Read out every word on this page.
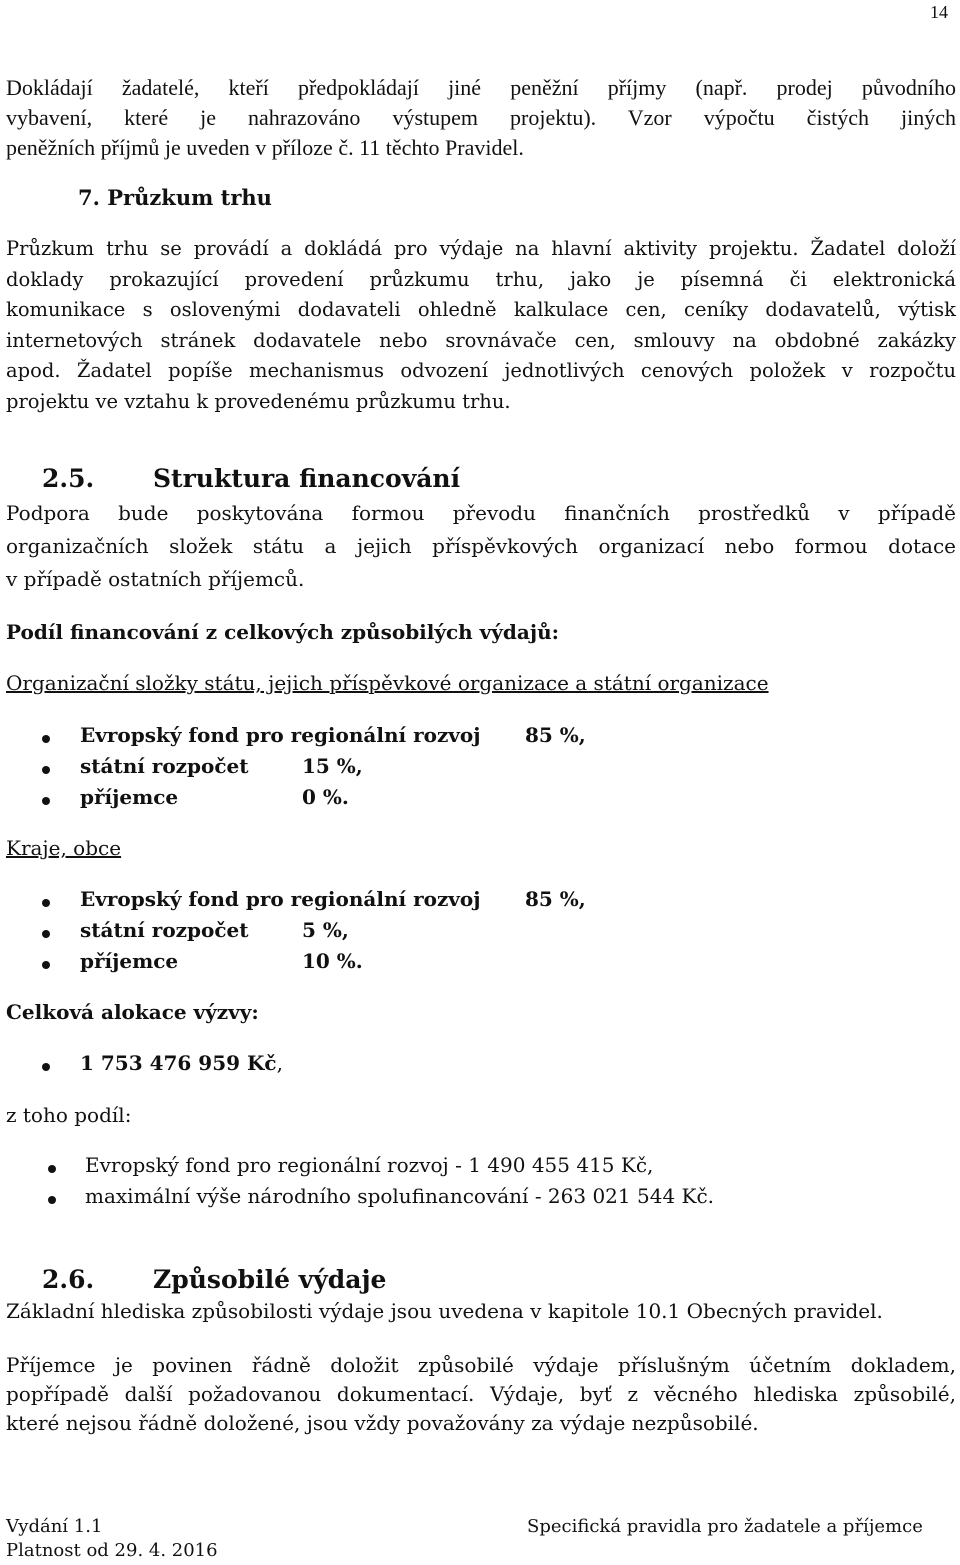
14
Dokládají žadatelé, kteří předpokládají jiné peněžní příjmy (např. prodej původního
vybavení, které je nahrazováno výstupem projektu). Vzor výpočtu čistých jiných
peněžních příjmů je uveden v příloze č. 11 těchto Pravidel.
7. Průzkum trhu
Průzkum trhu se provádí a dokládá pro výdaje na hlavní aktivity projektu. Žadatel doloží
doklady prokazující provedení průzkumu trhu, jako je písemná či elektronická
komunikace s oslovenými dodavateli ohledně kalkulace cen, ceníky dodavatelů, výtisk
internetových stránek dodavatele nebo srovnávače cen, smlouvy na obdobné zakázky
apod. Žadatel popíše mechanismus odvození jednotlivých cenových položek v rozpočtu
projektu ve vztahu k provedenému průzkumu trhu.
2.5. Struktura financování
Podpora bude poskytována formou převodu finančních prostředků v případě
organizačních složek státu a jejich příspěvkových organizací nebo formou dotace
v případě ostatních příjemců.
Podíl financování z celkových způsobilých výdajů:
Organizační složky státu, jejich příspěvkové organizace a státní organizace
Evropský fond pro regionální rozvoj 85 %,
státní rozpočet	15 %,
příjemce	0 %.
Kraje, obce
Evropský fond pro regionální rozvoj 85 %,
státní rozpočet	5 %,
příjemce	10 %.
Celková alokace výzvy:
1 753 476 959 Kč,
z toho podíl:
Evropský fond pro regionální rozvoj - 1 490 455 415 Kč,
maximální výše národního spolufinancování - 263 021 544 Kč.
2.6. Způsobilé výdaje
Základní hlediska způsobilosti výdaje jsou uvedena v kapitole 10.1 Obecných pravidel.
Příjemce je povinen řádně doložit způsobilé výdaje příslušným účetním dokladem,
popřípadě další požadovanou dokumentací. Výdaje, byť z věcného hlediska způsobilé,
které nejsou řádně doložené, jsou vždy považovány za výdaje nezpůsobilé.
Vydání 1.1
Platnost od 29. 4. 2016
Specifická pravidla pro žadatele a příjemce
